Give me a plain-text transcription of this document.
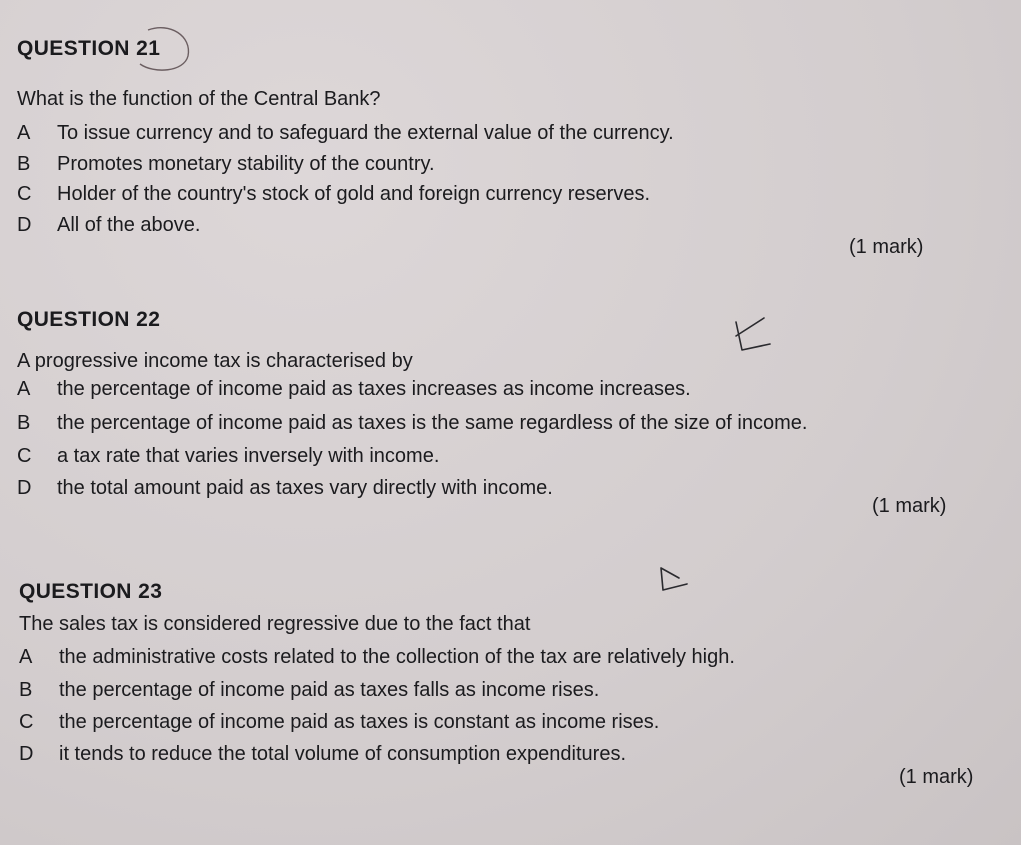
QUESTION 21

What is the function of the Central Bank?

A To issue currency and to safeguard the external value of the currency.
B Promotes monetary stability of the country.
C Holder of the country's stock of gold and foreign currency reserves.
D All of the above.
(1 mark)
QUESTION 22

A progressive income tax is characterised by

A the percentage of income paid as taxes increases as income increases.
B the percentage of income paid as taxes is the same regardless of the size of income.
C a tax rate that varies inversely with income.
D the total amount paid as taxes vary directly with income.
(1 mark)
QUESTION 23

The sales tax is considered regressive due to the fact that

A the administrative costs related to the collection of the tax are relatively high.
B the percentage of income paid as taxes falls as income rises.
C the percentage of income paid as taxes is constant as income rises.
D it tends to reduce the total volume of consumption expenditures.
(1 mark)
